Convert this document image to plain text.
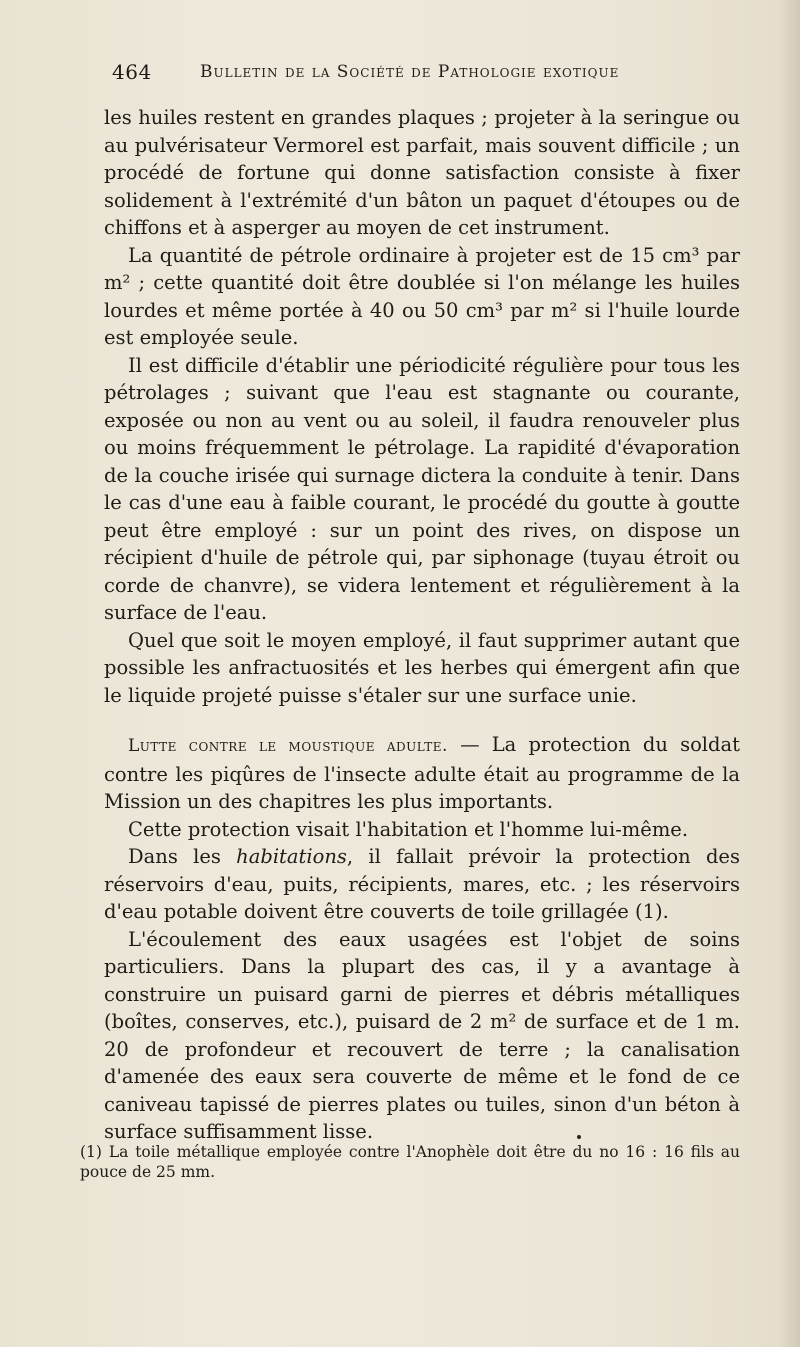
464	Bulletin de la Société de Pathologie exotique

les huiles restent en grandes plaques ; projeter à la seringue ou au pulvérisateur Vermorel est parfait, mais souvent difficile ; un procédé de fortune qui donne satisfaction consiste à fixer solidement à l'extrémité d'un bâton un paquet d'étoupes ou de chiffons et à asperger au moyen de cet instrument.

La quantité de pétrole ordinaire à projeter est de 15 cm³ par m² ; cette quantité doit être doublée si l'on mélange les huiles lourdes et même portée à 40 ou 50 cm³ par m² si l'huile lourde est employée seule.

Il est difficile d'établir une périodicité régulière pour tous les pétrolages ; suivant que l'eau est stagnante ou courante, exposée ou non au vent ou au soleil, il faudra renouveler plus ou moins fréquemment le pétrolage. La rapidité d'évaporation de la couche irisée qui surnage dictera la conduite à tenir. Dans le cas d'une eau à faible courant, le procédé du goutte à goutte peut être employé : sur un point des rives, on dispose un récipient d'huile de pétrole qui, par siphonage (tuyau étroit ou corde de chanvre), se videra lentement et régulièrement à la surface de l'eau.

Quel que soit le moyen employé, il faut supprimer autant que possible les anfractuosités et les herbes qui émergent afin que le liquide projeté puisse s'étaler sur une surface unie.

Lutte contre le moustique adulte. — La protection du soldat contre les piqûres de l'insecte adulte était au programme de la Mission un des chapitres les plus importants.

Cette protection visait l'habitation et l'homme lui-même.

Dans les habitations, il fallait prévoir la protection des réservoirs d'eau, puits, récipients, mares, etc. ; les réservoirs d'eau potable doivent être couverts de toile grillagée (1).

L'écoulement des eaux usagées est l'objet de soins particuliers. Dans la plupart des cas, il y a avantage à construire un puisard garni de pierres et débris métalliques (boîtes, conserves, etc.), puisard de 2 m² de surface et de 1 m. 20 de profondeur et recouvert de terre ; la canalisation d'amenée des eaux sera couverte de même et le fond de ce caniveau tapissé de pierres plates ou tuiles, sinon d'un béton à surface suffisamment lisse.

(1) La toile métallique employée contre l'Anophèle doit être du no 16 : 16 fils au pouce de 25 mm.
